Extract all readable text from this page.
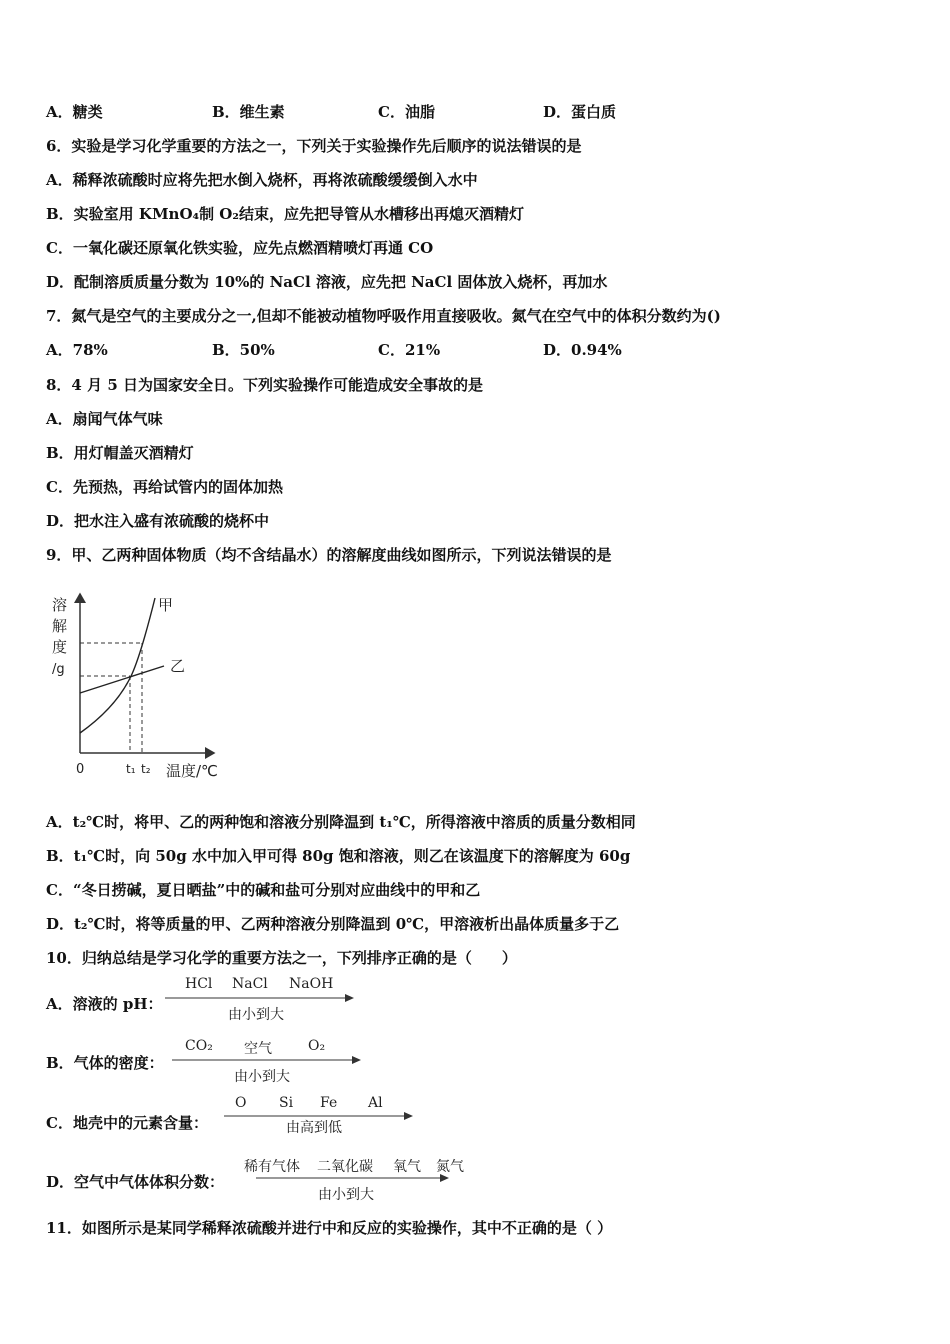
A．糖类	B．维生素	C．油脂	D．蛋白质
6．实验是学习化学重要的方法之一，下列关于实验操作先后顺序的说法错误的是
A．稀释浓硫酸时应将先把水倒入烧杯，再将浓硫酸缓缓倒入水中
B．实验室用 KMnO₄制 O₂结束，应先把导管从水槽移出再熄灭酒精灯
C．一氧化碳还原氧化铁实验，应先点燃酒精喷灯再通 CO
D．配制溶质质量分数为 10%的 NaCl 溶液，应先把 NaCl 固体放入烧杯，再加水
7．氮气是空气的主要成分之一,但却不能被动植物呼吸作用直接吸收。氮气在空气中的体积分数约为()
A．78%	B．50%	C．21%	D．0.94%
8．4 月 5 日为国家安全日。下列实验操作可能造成安全事故的是
A．扇闻气体气味
B．用灯帽盖灭酒精灯
C．先预热，再给试管内的固体加热
D．把水注入盛有浓硫酸的烧杯中
9．甲、乙两种固体物质（均不含结晶水）的溶解度曲线如图所示，下列说法错误的是
溶
解
度
/g
甲
乙
0	t₁ t₂ 温度/℃
A．t₂℃时，将甲、乙的两种饱和溶液分别降温到 t₁℃，所得溶液中溶质的质量分数相同
B．t₁℃时，向 50g 水中加入甲可得 80g 饱和溶液，则乙在该温度下的溶解度为 60g
C．“冬日捞碱，夏日晒盐”中的碱和盐可分别对应曲线中的甲和乙
D．t₂℃时，将等质量的甲、乙两种溶液分别降温到 0℃，甲溶液析出晶体质量多于乙
10．归纳总结是学习化学的重要方法之一，下列排序正确的是（　　）
A．溶液的 pH：
HCl NaCl NaOH
由小到大
B．气体的密度：
CO₂ 空气	O₂
由小到大
C．地壳中的元素含量：
O Si Fe Al
由高到低
D．空气中气体体积分数：
稀有气体 二氧化碳 氧气 氮气
由小到大
11．如图所示是某同学稀释浓硫酸并进行中和反应的实验操作，其中不正确的是（ ）
